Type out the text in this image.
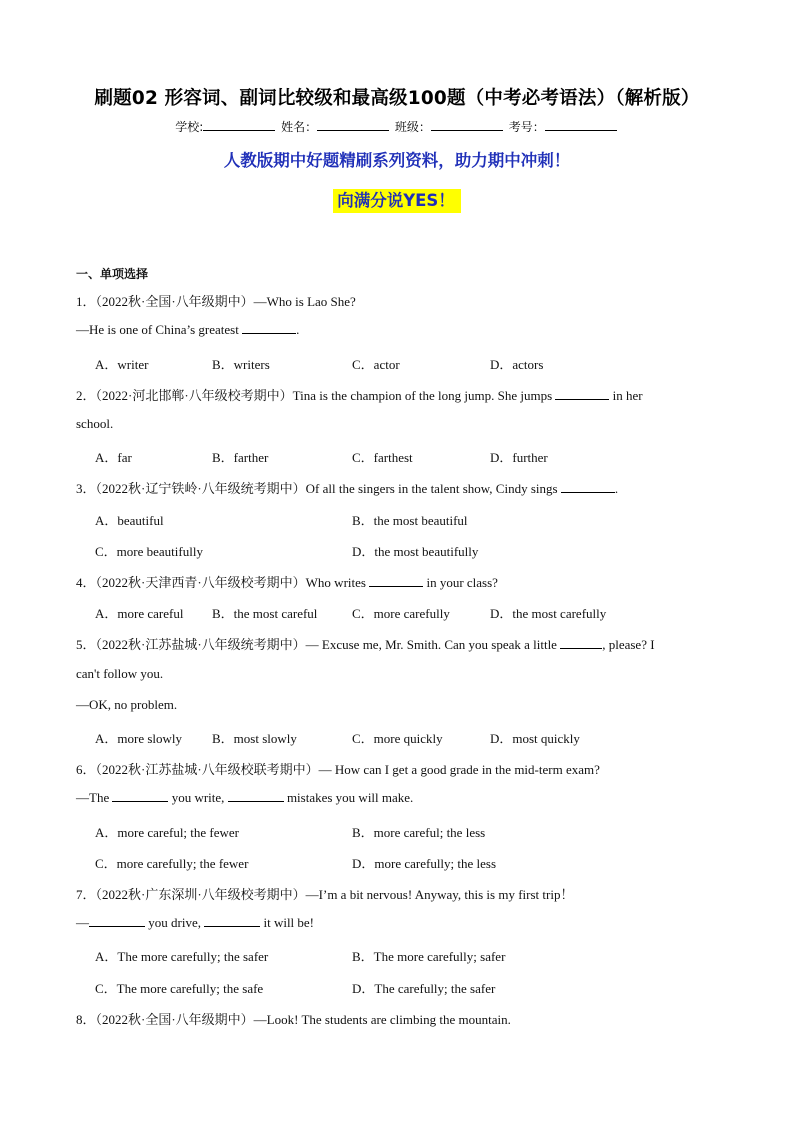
刷题02 形容词、副词比较级和最高级100题（中考必考语法）（解析版）
学校:	姓名：	班级：	考号：
人教版期中好题精刷系列资料，助力期中冲刺！
向满分说YES！
一、单项选择
1．（2022秋·全国·八年级期中）—Who is Lao She?
—He is one of China’s greatest	.
A．writer	B．writers	C．actor	D．actors
2．（2022·河北邯郸·八年级校考期中）Tina is the champion of the long jump. She jumps	in her
school.
A．far	B．farther	C．farthest	D．further
3．（2022秋·辽宁铁岭·八年级统考期中）Of all the singers in the talent show, Cindy sings	.
A．beautiful	B．the most beautiful
C．more beautifully	D．the most beautifully
4．（2022秋·天津西青·八年级校考期中）Who writes	in your class?
A．more careful B．the most careful	C．more carefully	D．the most carefully
5．（2022秋·江苏盐城·八年级统考期中）— Excuse me, Mr. Smith. Can you speak a little	, please? I
can't follow you.
—OK, no problem.
A．more slowly B．most slowly	C．more quickly	D．most quickly
6．（2022秋·江苏盐城·八年级校联考期中）— How can I get a good grade in the mid-term exam?
—The	you write,	mistakes you will make.
A．more careful; the fewer	B．more careful; the less
C．more carefully; the fewer	D．more carefully; the less
7．（2022秋·广东深圳·八年级校考期中）—I’m a bit nervous! Anyway, this is my first trip！
—	you drive,	it will be!
A．The more carefully; the safer	B．The more carefully; safer
C．The more carefully; the safe	D．The carefully; the safer
8．（2022秋·全国·八年级期中）—Look! The students are climbing the mountain.
